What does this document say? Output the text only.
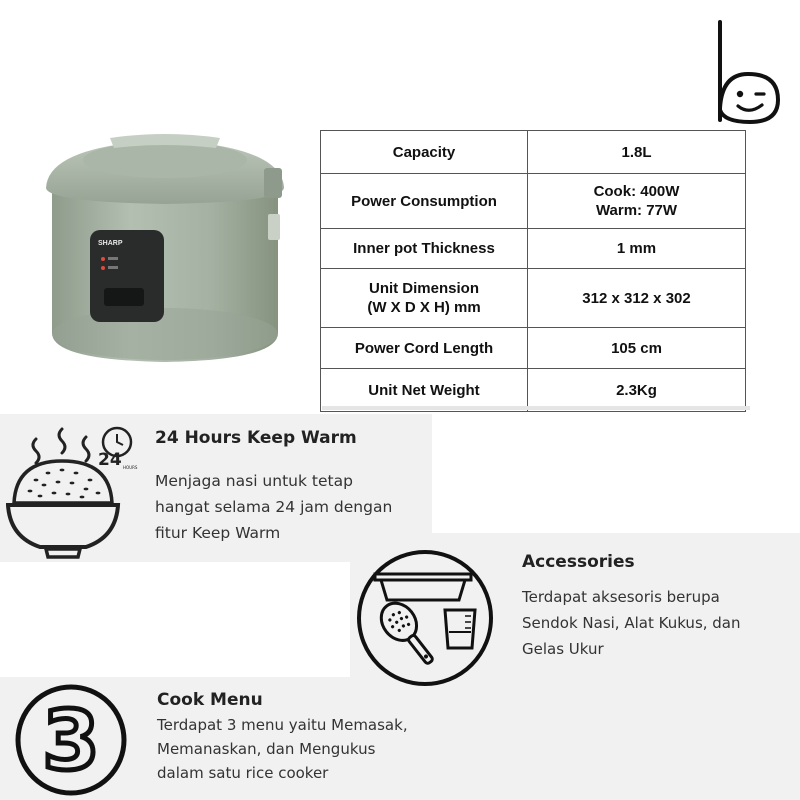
SHARP
Capacity	1.8L
Power Consumption	Cook: 400W
Warm: 77W

Inner pot Thickness	1 mm

Unit Dimension
(W X D X H) mm	312 x 312 x 302
Power Cord Length	105 cm
Unit Net Weight	2.3Kg
24 HOURS
24 Hours Keep Warm
Menjaga nasi untuk tetap
hangat selama 24 jam dengan
fitur Keep Warm
Accessories
Terdapat aksesoris berupa
Sendok Nasi, Alat Kukus, dan
Gelas Ukur
3	Cook Menu
Terdapat 3 menu yaitu Memasak,
Memanaskan, dan Mengukus
dalam satu rice cooker
